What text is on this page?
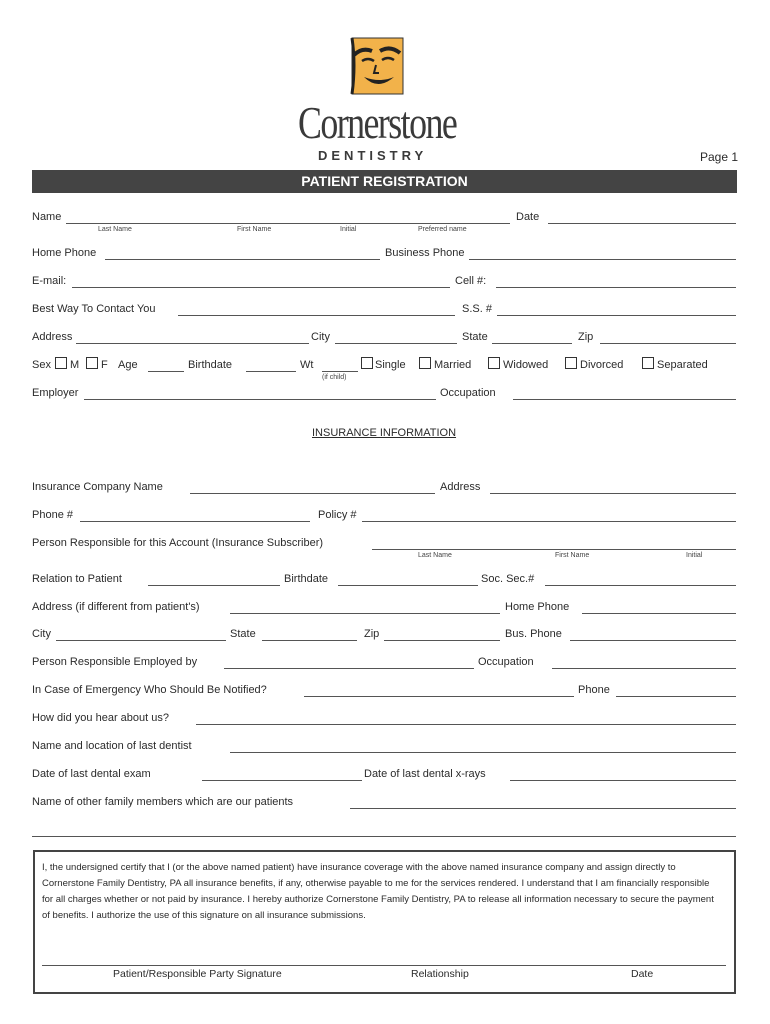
Cornerstone
DENTISTRY	Page 1
PATIENT REGISTRATION
Name
Last Name	First Name	Initial	Preferred name
Date
Home Phone	Business Phone
E-mail:	Cell #:
Best Way To Contact You	S.S. #
Address	City	State	Zip
Sex M F Age	Birthdate	Wt
(if child)
Single	Married	Widowed	Divorced	Separated
Employer	Occupation
INSURANCE INFORMATION
Insurance Company Name	Address
Phone #	Policy #
Person Responsible for this Account (Insurance Subscriber)
Last Name	First Name	Initial
Relation to Patient	Birthdate	Soc. Sec.#
Address (if different from patient's)	Home Phone
City	State	Zip	Bus. Phone
Person Responsible Employed by	Occupation
In Case of Emergency Who Should Be Notified?	Phone
How did you hear about us?
Name and location of last dentist
Date of last dental exam	Date of last dental x-rays
Name of other family members which are our patients
I, the undersigned certify that I (or the above named patient) have insurance coverage with the above named insurance company and assign directly to Cornerstone Family Dentistry, PA all insurance benefits, if any, otherwise payable to me for the services rendered. I understand that I am financially responsible for all charges whether or not paid by insurance. I hereby authorize Cornerstone Family Dentistry, PA to release all information necessary to secure the payment of benefits. I authorize the use of this signature on all insurance submissions.
Patient/Responsible Party Signature	Relationship	Date
